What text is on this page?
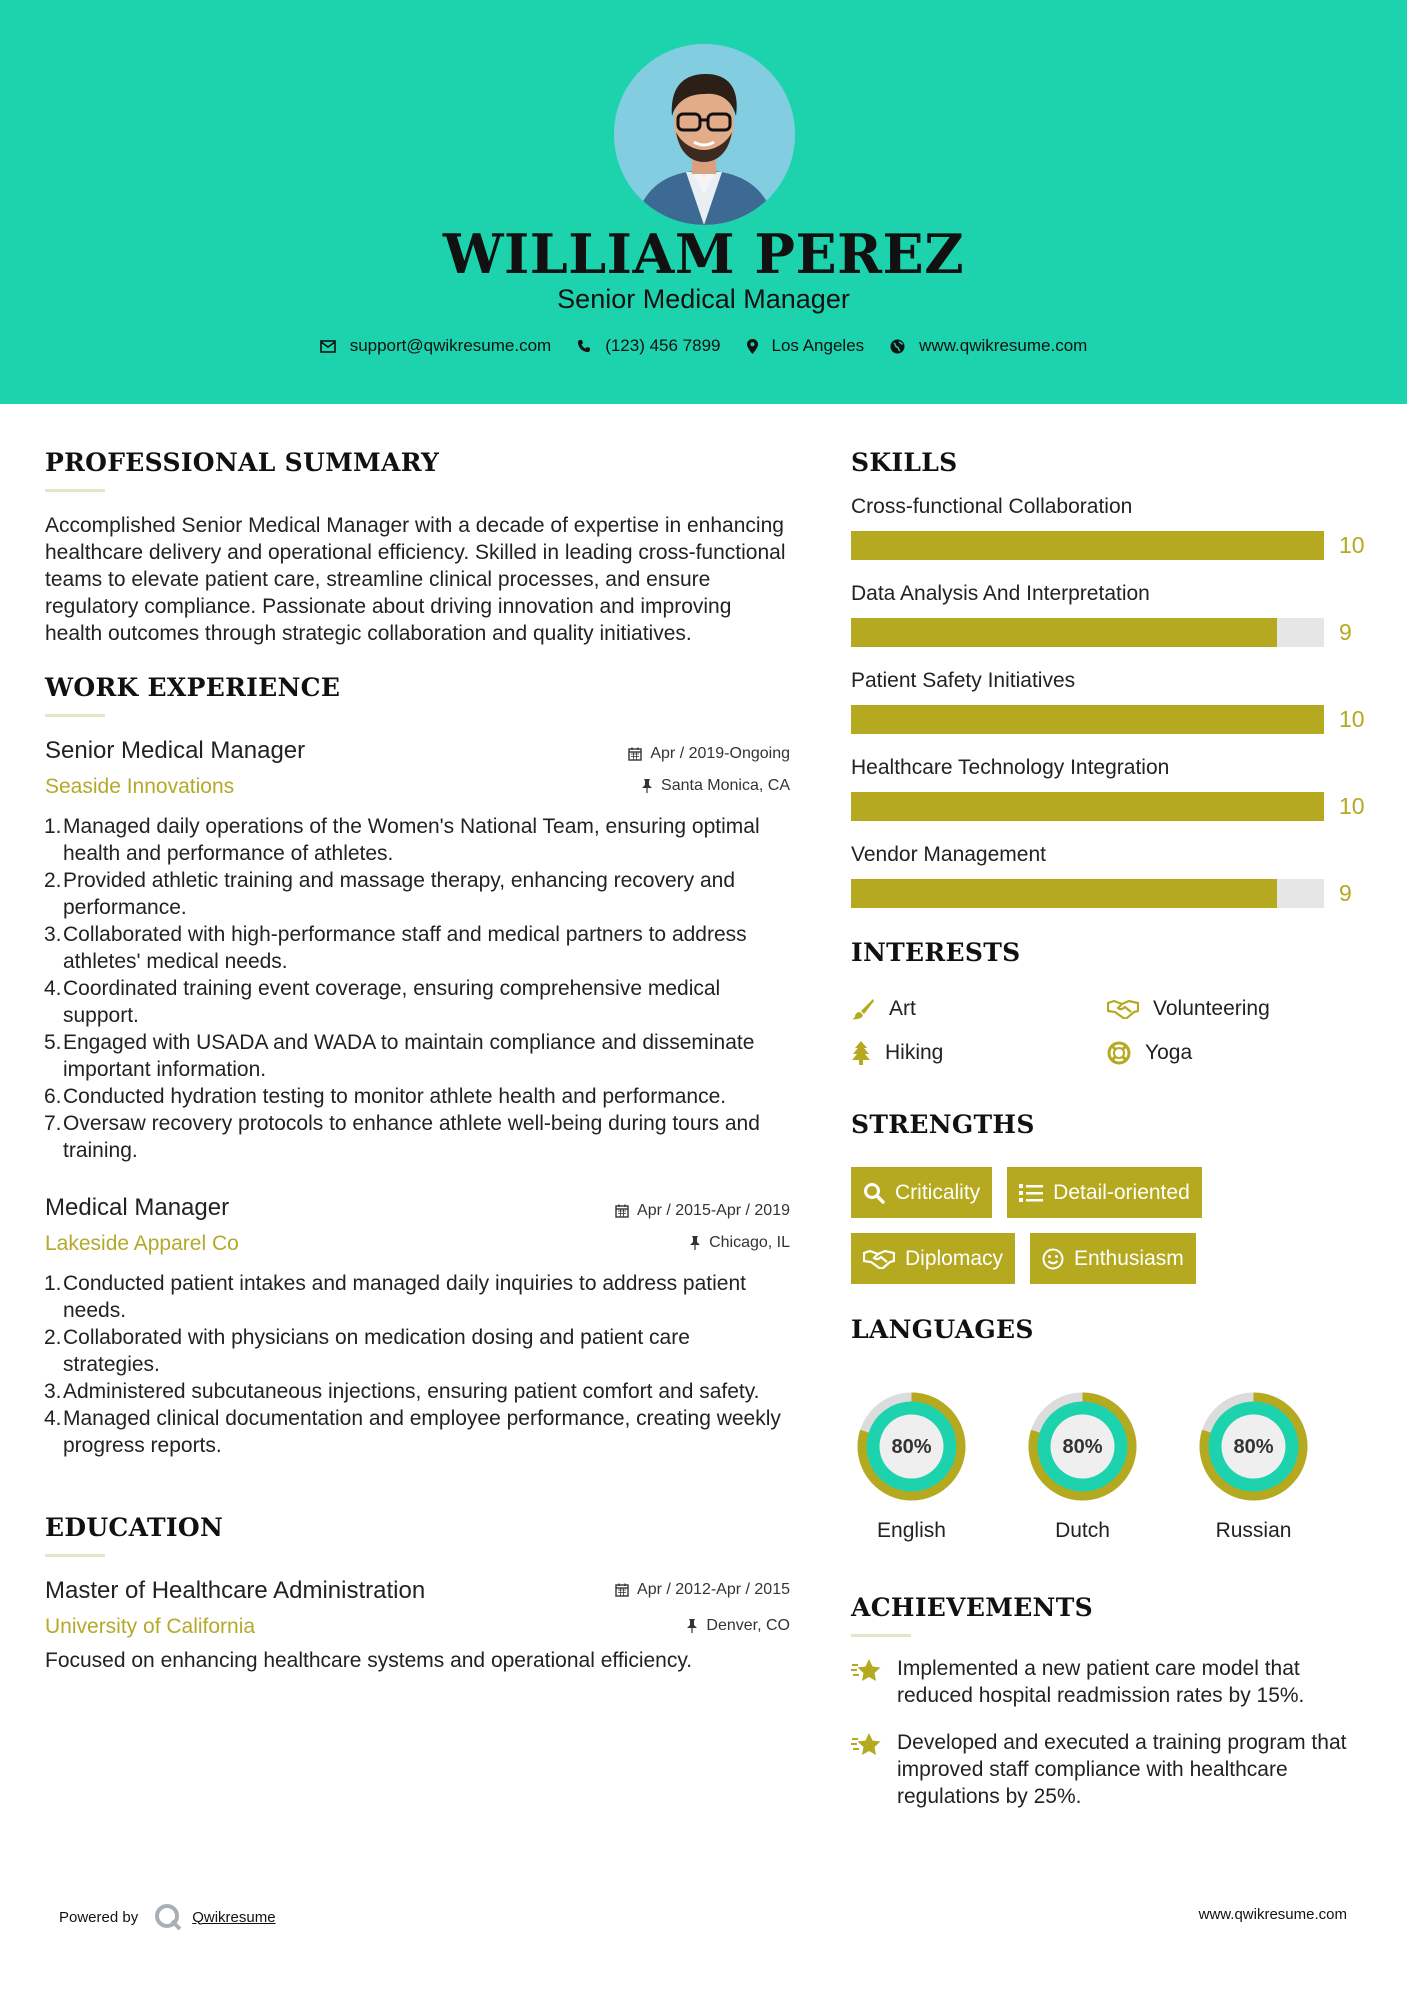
WILLIAM PEREZ
Senior Medical Manager
support@qwikresume.com	(123) 456 7899	Los Angeles	www.qwikresume.com
PROFESSIONAL SUMMARY
Accomplished Senior Medical Manager with a decade of expertise in enhancing healthcare delivery and operational efficiency. Skilled in leading cross-functional teams to elevate patient care, streamline clinical processes, and ensure regulatory compliance. Passionate about driving innovation and improving health outcomes through strategic collaboration and quality initiatives.
WORK EXPERIENCE
Senior Medical Manager	Apr / 2019-Ongoing
Seaside Innovations	Santa Monica, CA
1. Managed daily operations of the Women's National Team, ensuring optimal health and performance of athletes.
2. Provided athletic training and massage therapy, enhancing recovery and performance.
3. Collaborated with high-performance staff and medical partners to address athletes' medical needs.
4. Coordinated training event coverage, ensuring comprehensive medical support.
5. Engaged with USADA and WADA to maintain compliance and disseminate important information.
6. Conducted hydration testing to monitor athlete health and performance.
7. Oversaw recovery protocols to enhance athlete well-being during tours and training.
Medical Manager	Apr / 2015-Apr / 2019
Lakeside Apparel Co	Chicago, IL
1. Conducted patient intakes and managed daily inquiries to address patient needs.
2. Collaborated with physicians on medication dosing and patient care strategies.
3. Administered subcutaneous injections, ensuring patient comfort and safety.
4. Managed clinical documentation and employee performance, creating weekly progress reports.
EDUCATION
Master of Healthcare Administration	Apr / 2012-Apr / 2015
University of California	Denver, CO
Focused on enhancing healthcare systems and operational efficiency.
SKILLS
Cross-functional Collaboration
10
Data Analysis And Interpretation
9
Patient Safety Initiatives
10
Healthcare Technology Integration
10
Vendor Management
9
INTERESTS
Art	Volunteering
Hiking	Yoga
STRENGTHS
Criticality	Detail-oriented
Diplomacy	Enthusiasm
LANGUAGES
80%
English
80%
Dutch
80%
Russian
ACHIEVEMENTS
Implemented a new patient care model that reduced hospital readmission rates by 15%.
Developed and executed a training program that improved staff compliance with healthcare regulations by 25%.
Powered by	Qwikresume	www.qwikresume.com
